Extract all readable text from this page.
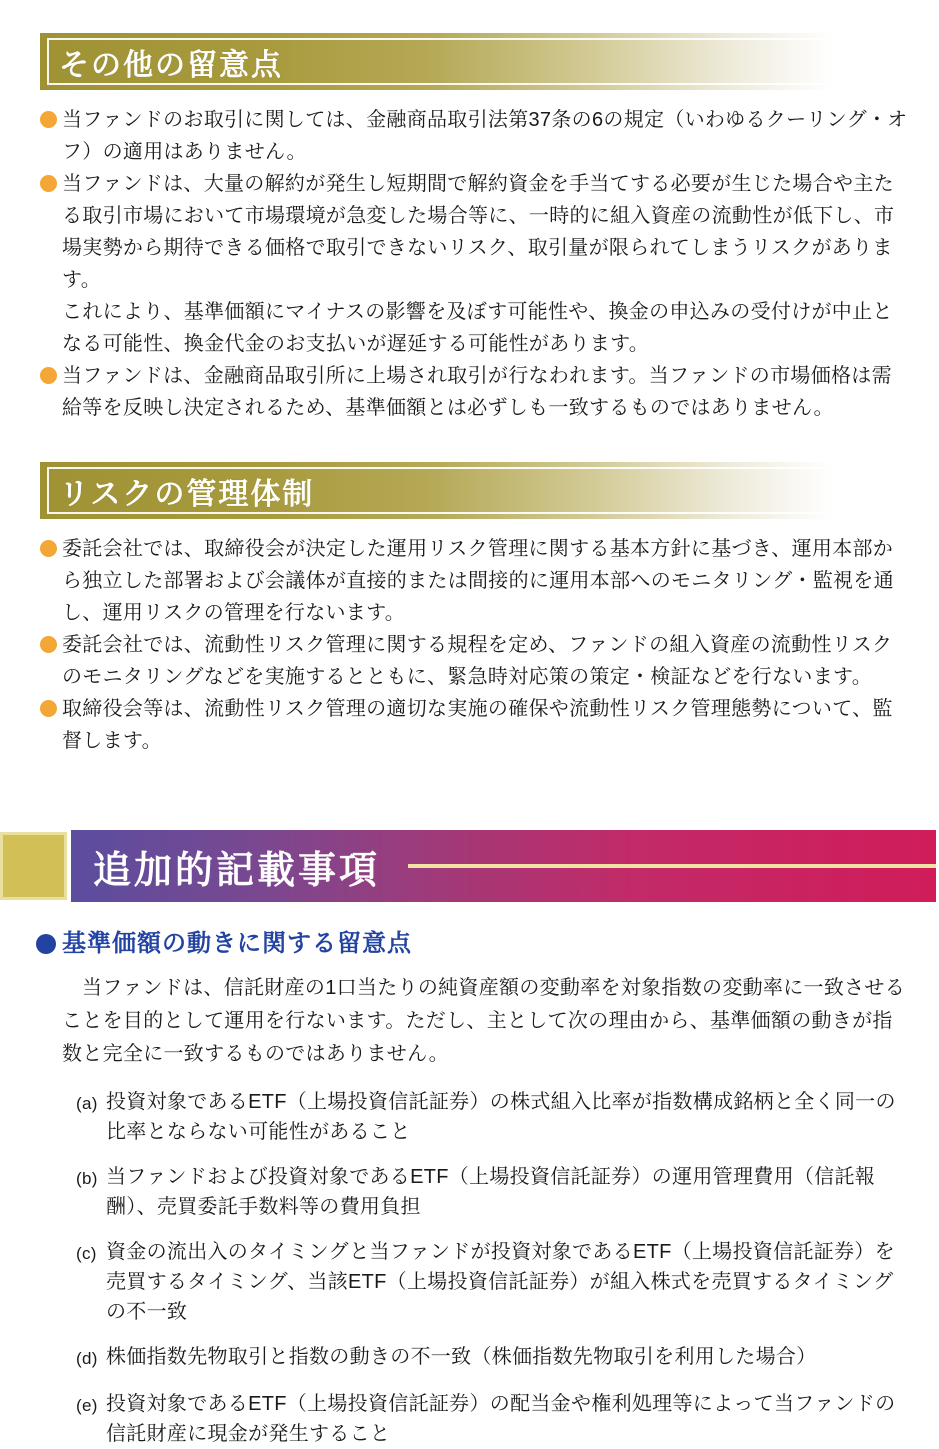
その他の留意点

当ファンドのお取引に関しては、金融商品取引法第37条の6の規定（いわゆるクーリング・オフ）の適用はありません。

当ファンドは、大量の解約が発生し短期間で解約資金を手当てする必要が生じた場合や主たる取引市場において市場環境が急変した場合等に、一時的に組入資産の流動性が低下し、市場実勢から期待できる価格で取引できないリスク、取引量が限られてしまうリスクがあります。

これにより、基準価額にマイナスの影響を及ぼす可能性や、換金の申込みの受付けが中止となる可能性、換金代金のお支払いが遅延する可能性があります。

当ファンドは、金融商品取引所に上場され取引が行なわれます。当ファンドの市場価格は需給等を反映し決定されるため、基準価額とは必ずしも一致するものではありません。

リスクの管理体制

委託会社では、取締役会が決定した運用リスク管理に関する基本方針に基づき、運用本部から独立した部署および会議体が直接的または間接的に運用本部へのモニタリング・監視を通し、運用リスクの管理を行ないます。

委託会社では、流動性リスク管理に関する規程を定め、ファンドの組入資産の流動性リスクのモニタリングなどを実施するとともに、緊急時対応策の策定・検証などを行ないます。

取締役会等は、流動性リスク管理の適切な実施の確保や流動性リスク管理態勢について、監督します。

追加的記載事項
基準価額の動きに関する留意点

当ファンドは、信託財産の1口当たりの純資産額の変動率を対象指数の変動率に一致させることを目的として運用を行ないます。ただし、主として次の理由から、基準価額の動きが指数と完全に一致するものではありません。

(a) 投資対象であるETF（上場投資信託証券）の株式組入比率が指数構成銘柄と全く同一の比率とならない可能性があること
(b) 当ファンドおよび投資対象であるETF（上場投資信託証券）の運用管理費用（信託報酬）、売買委託手数料等の費用負担
(c) 資金の流出入のタイミングと当ファンドが投資対象であるETF（上場投資信託証券）を売買するタイミング、当該ETF（上場投資信託証券）が組入株式を売買するタイミングの不一致
(d) 株価指数先物取引と指数の動きの不一致（株価指数先物取引を利用した場合）
(e) 投資対象であるETF（上場投資信託証券）の配当金や権利処理等によって当ファンドの信託財産に現金が発生すること
